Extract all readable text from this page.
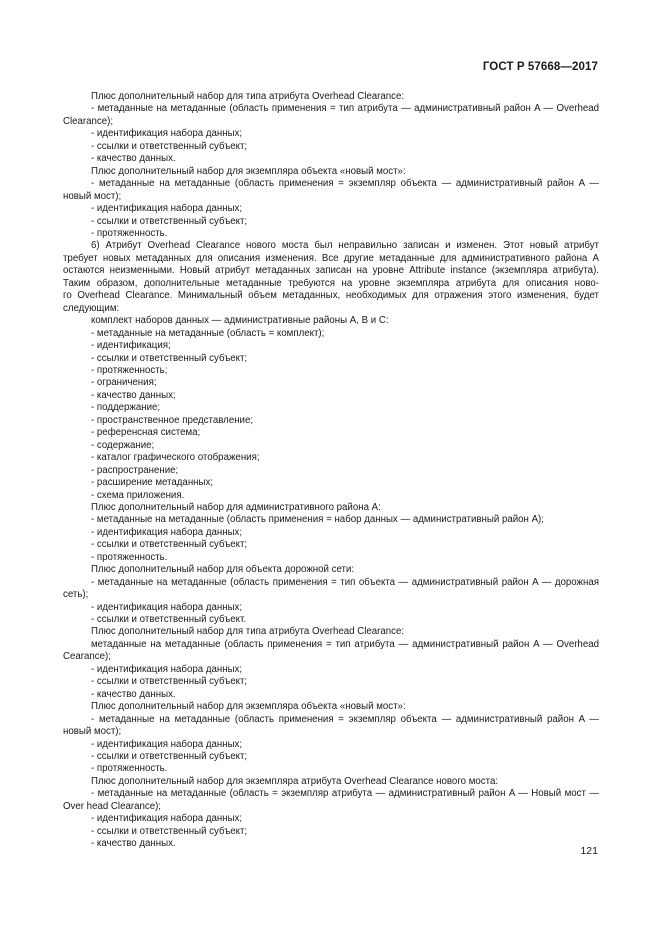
ГОСТ Р 57668—2017

Плюс дополнительный набор для типа атрибута Overhead Clearance:

- метаданные на метаданные (область применения = тип атрибута — административный район A — Overhead

Clearance);

- идентификация набора данных;

- ссылки и ответственный субъект;

- качество данных.

Плюс дополнительный набор для экземпляра объекта «новый мост»:

- метаданные на метаданные (область применения = экземпляр объекта — административный район A —

новый мост);

- идентификация набора данных;

- ссылки и ответственный субъект;

- протяженность.

6) Атрибут Overhead Clearance нового моста был неправильно записан и изменен. Этот новый атрибут

требует новых метаданных для описания изменения. Все другие метаданные для административного района A

остаются неизменными. Новый атрибут метаданных записан на уровне Attribute instance (экземпляра атрибута).

Таким образом, дополнительные метаданные требуются на уровне экземпляра атрибута для описания ново-

го Overhead Clearance. Минимальный объем метаданных, необходимых для отражения этого изменения, будет

следующим:

комплект наборов данных — административные районы A, B и C:

- метаданные на метаданные (область = комплект);

- идентификация;

- ссылки и ответственный субъект;

- протяженность;

- ограничения;

- качество данных;

- поддержание;

- пространственное представление;

- референсная система;

- содержание;

- каталог графического отображения;

- распространение;

- расширение метаданных;

- схема приложения.

Плюс дополнительный набор для административного района A:

- метаданные на метаданные (область применения = набор данных — административный район A);

- идентификация набора данных;

- ссылки и ответственный субъект;

- протяженность.

Плюс дополнительный набор для объекта дорожной сети:

- метаданные на метаданные (область применения = тип объекта — административный район A — дорожная сеть);

- идентификация набора данных;

- ссылки и ответственный субъект.

Плюс дополнительный набор для типа атрибута Overhead Clearance:

метаданные на метаданные (область применения = тип атрибута — административный район A — Overhead

Cearance);

- идентификация набора данных;

- ссылки и ответственный субъект;

- качество данных.

Плюс дополнительный набор для экземпляра объекта «новый мост»:

- метаданные на метаданные (область применения = экземпляр объекта — административный район A —

новый мост);

- идентификация набора данных;

- ссылки и ответственный субъект;

- протяженность.

Плюс дополнительный набор для экземпляра атрибута Overhead Clearance нового моста:

- метаданные на метаданные (область = экземпляр атрибута — административный район A — Новый мост —

Over head Clearance);

- идентификация набора данных;

- ссылки и ответственный субъект;

- качество данных.

121
